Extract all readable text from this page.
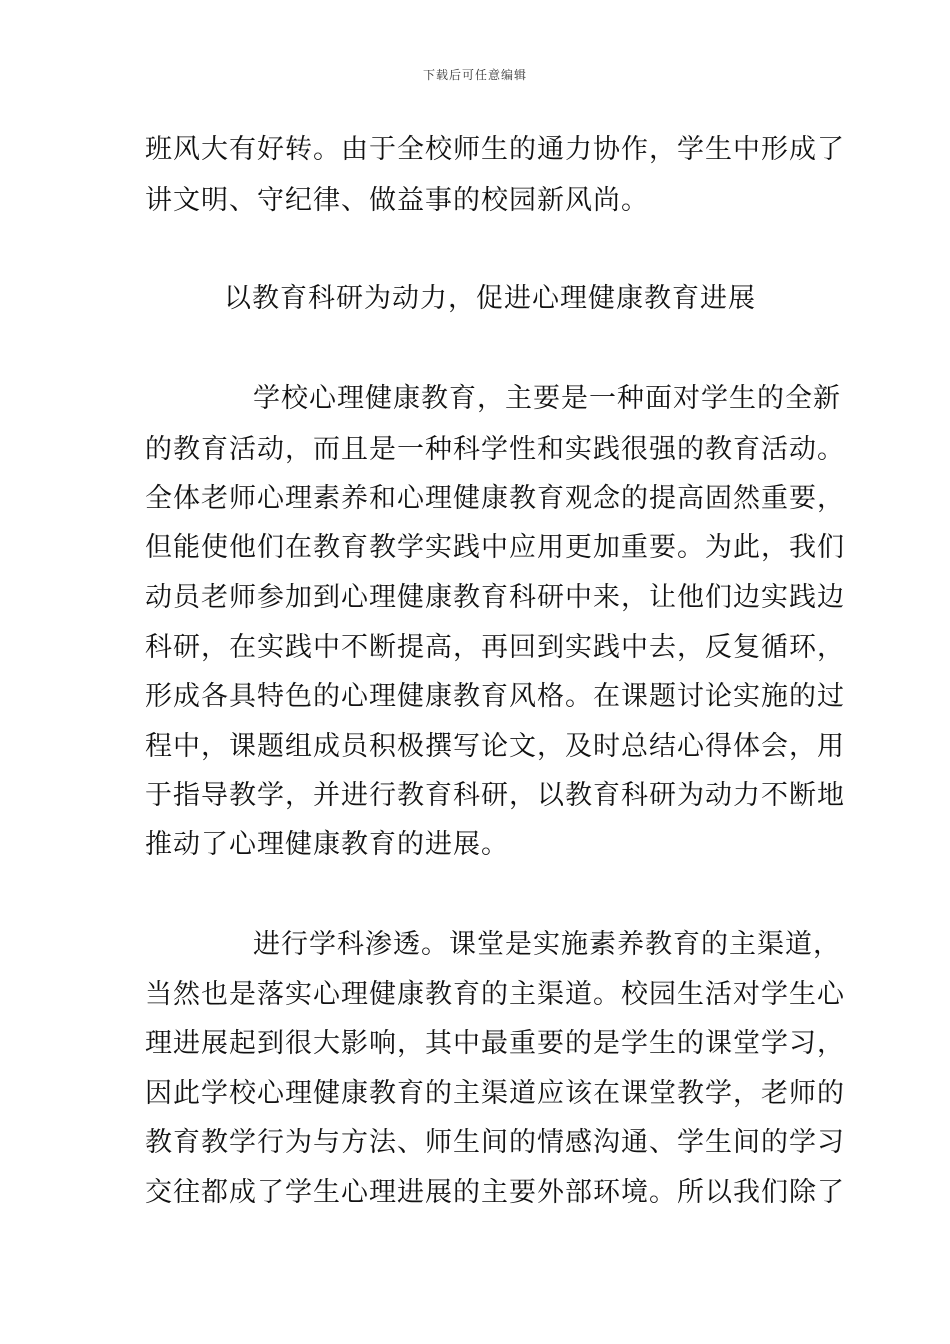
下载后可任意编辑
班风大有好转。由于全校师生的通力协作，学生中形成了
讲文明、守纪律、做益事的校园新风尚。
以教育科研为动力，促进心理健康教育进展
学校心理健康教育，主要是一种面对学生的全新
的教育活动，而且是一种科学性和实践很强的教育活动。
全体老师心理素养和心理健康教育观念的提高固然重要，
但能使他们在教育教学实践中应用更加重要。为此，我们
动员老师参加到心理健康教育科研中来，让他们边实践边
科研，在实践中不断提高，再回到实践中去，反复循环，
形成各具特色的心理健康教育风格。在课题讨论实施的过
程中，课题组成员积极撰写论文，及时总结心得体会，用
于指导教学，并进行教育科研，以教育科研为动力不断地
推动了心理健康教育的进展。
进行学科渗透。课堂是实施素养教育的主渠道，
当然也是落实心理健康教育的主渠道。校园生活对学生心
理进展起到很大影响，其中最重要的是学生的课堂学习，
因此学校心理健康教育的主渠道应该在课堂教学，老师的
教育教学行为与方法、师生间的情感沟通、学生间的学习
交往都成了学生心理进展的主要外部环境。所以我们除了
